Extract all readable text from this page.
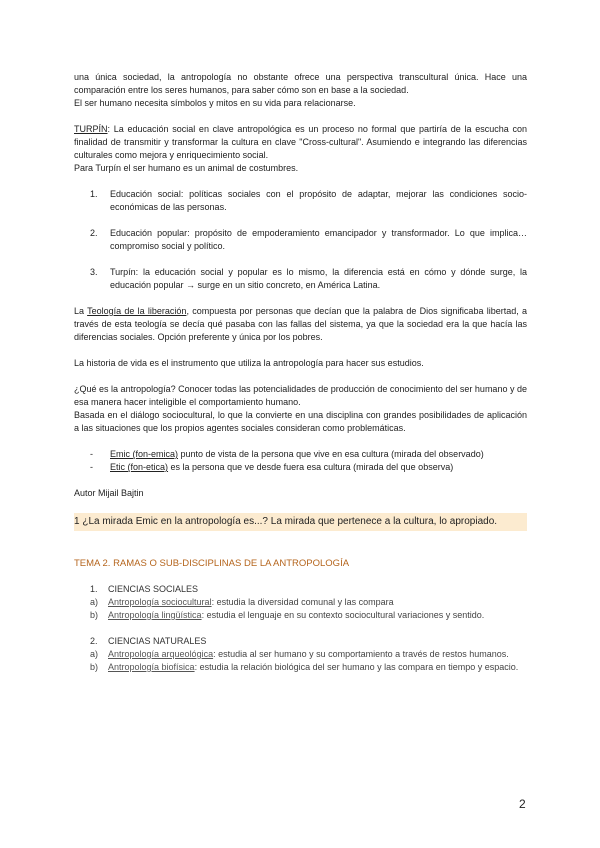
una única sociedad, la antropología no obstante ofrece una perspectiva transcultural única. Hace una comparación entre los seres humanos, para saber cómo son en base a la sociedad.

El ser humano necesita símbolos y mitos en su vida para relacionarse.

TURPÍN: La educación social en clave antropológica es un proceso no formal que partiría de la escucha con finalidad de transmitir y transformar la cultura en clave "Cross-cultural". Asumiendo e integrando las diferencias culturales como mejora y enriquecimiento social.

Para Turpín el ser humano es un animal de costumbres.

1. Educación social: políticas sociales con el propósito de adaptar, mejorar las condiciones socio-económicas de las personas.
2. Educación popular: propósito de empoderamiento emancipador y transformador. Lo que implica… compromiso social y político.
3. Turpín: la educación social y popular es lo mismo, la diferencia está en cómo y dónde surge, la educación popular → surge en un sitio concreto, en América Latina.

La Teología de la liberación, compuesta por personas que decían que la palabra de Dios significaba libertad, a través de esta teología se decía qué pasaba con las fallas del sistema, ya que la sociedad era la que hacía las diferencias sociales. Opción preferente y única por los pobres.

La historia de vida es el instrumento que utiliza la antropología para hacer sus estudios.

¿Qué es la antropología? Conocer todas las potencialidades de producción de conocimiento del ser humano y de esa manera hacer inteligible el comportamiento humano.

Basada en el diálogo sociocultural, lo que la convierte en una disciplina con grandes posibilidades de aplicación a las situaciones que los propios agentes sociales consideran como problemáticas.

- Emic (fon-emica) punto de vista de la persona que vive en esa cultura (mirada del observado)
- Etic (fon-etica) es la persona que ve desde fuera esa cultura (mirada del que observa)

Autor Mijail Bajtin

1 ¿La mirada Emic en la antropología es...? La mirada que pertenece a la cultura, lo apropiado.

TEMA 2. RAMAS O SUB-DISCIPLINAS DE LA ANTROPOLOGÍA

1. CIENCIAS SOCIALES
a) Antropología sociocultural: estudia la diversidad comunal y las compara
b) Antropología lingüística: estudia el lenguaje en su contexto sociocultural variaciones y sentido.
2. CIENCIAS NATURALES
a) Antropología arqueológica: estudia al ser humano y su comportamiento a través de restos humanos.
b) Antropología biofísica: estudia la relación biológica del ser humano y las compara en tiempo y espacio.
2
